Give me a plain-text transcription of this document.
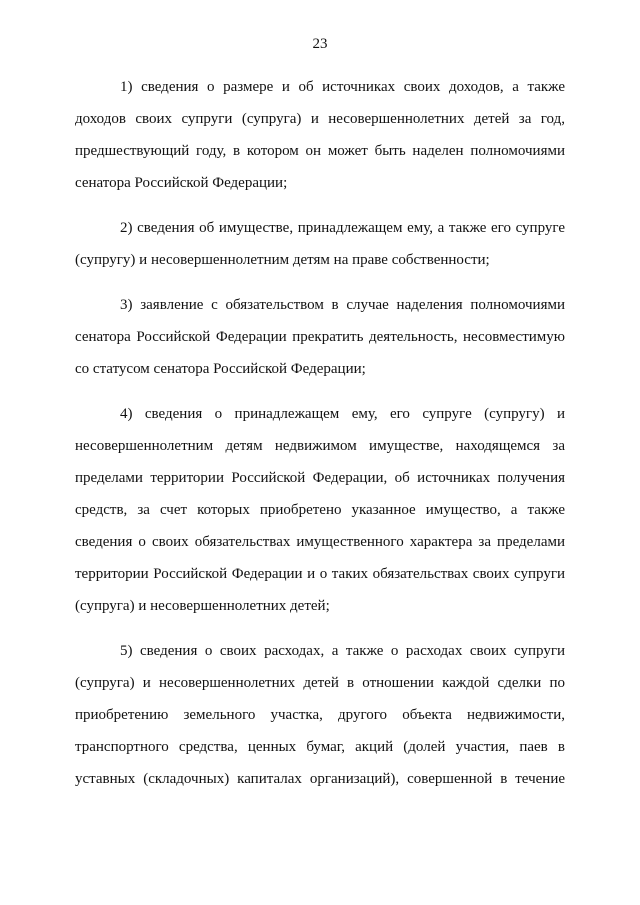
23
1) сведения о размере и об источниках своих доходов, а также
доходов своих супруги (супруга) и несовершеннолетних детей за год,
предшествующий году, в котором он может быть наделен полномочиями
сенатора Российской Федерации;
2) сведения об имуществе, принадлежащем ему, а также его супруге
(супругу) и несовершеннолетним детям на праве собственности;
3) заявление с обязательством в случае наделения полномочиями
сенатора Российской Федерации прекратить деятельность, несовместимую
со статусом сенатора Российской Федерации;
4) сведения о принадлежащем ему, его супруге (супругу) и
несовершеннолетним детям недвижимом имуществе, находящемся за
пределами территории Российской Федерации, об источниках получения
средств, за счет которых приобретено указанное имущество, а также
сведения о своих обязательствах имущественного характера за пределами
территории Российской Федерации и о таких обязательствах своих супруги
(супруга) и несовершеннолетних детей;
5) сведения о своих расходах, а также о расходах своих супруги
(супруга) и несовершеннолетних детей в отношении каждой сделки по
приобретению земельного участка, другого объекта недвижимости,
транспортного средства, ценных бумаг, акций (долей участия, паев в
уставных (складочных) капиталах организаций), совершенной в течение
